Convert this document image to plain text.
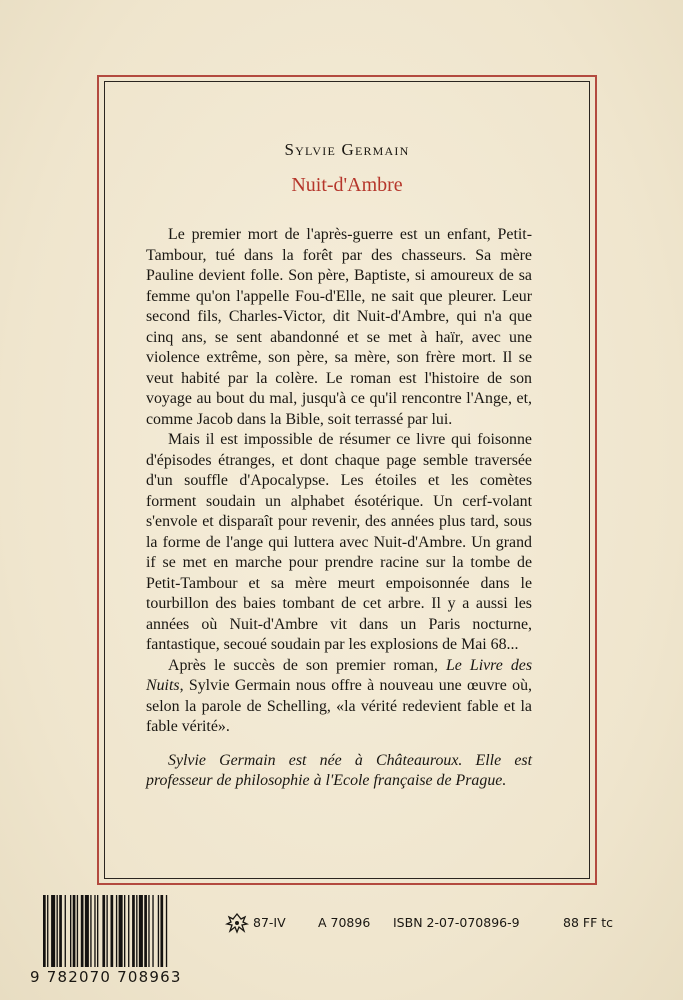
Sylvie Germain
Nuit-d'Ambre

Le premier mort de l'après-guerre est un enfant, Petit-Tambour, tué dans la forêt par des chasseurs. Sa mère Pauline devient folle. Son père, Baptiste, si amoureux de sa femme qu'on l'appelle Fou-d'Elle, ne sait que pleurer. Leur second fils, Charles-Victor, dit Nuit-d'Ambre, qui n'a que cinq ans, se sent abandonné et se met à haïr, avec une violence extrême, son père, sa mère, son frère mort. Il se veut habité par la colère. Le roman est l'histoire de son voyage au bout du mal, jusqu'à ce qu'il rencontre l'Ange, et, comme Jacob dans la Bible, soit terrassé par lui.

Mais il est impossible de résumer ce livre qui foisonne d'épisodes étranges, et dont chaque page semble traversée d'un souffle d'Apocalypse. Les étoiles et les comètes forment soudain un alphabet ésotérique. Un cerf-volant s'envole et disparaît pour revenir, des années plus tard, sous la forme de l'ange qui luttera avec Nuit-d'Ambre. Un grand if se met en marche pour prendre racine sur la tombe de Petit-Tambour et sa mère meurt empoisonnée dans le tourbillon des baies tombant de cet arbre. Il y a aussi les années où Nuit-d'Ambre vit dans un Paris nocturne, fantastique, secoué soudain par les explosions de Mai 68...

Après le succès de son premier roman, Le Livre des Nuits, Sylvie Germain nous offre à nouveau une œuvre où, selon la parole de Schelling, «la vérité redevient fable et la fable vérité».

Sylvie Germain est née à Châteauroux. Elle est professeur de philosophie à l'Ecole française de Prague.

9 782070 708963
87-IV	A 70896 ISBN 2-07-070896-9	88 FF tc
